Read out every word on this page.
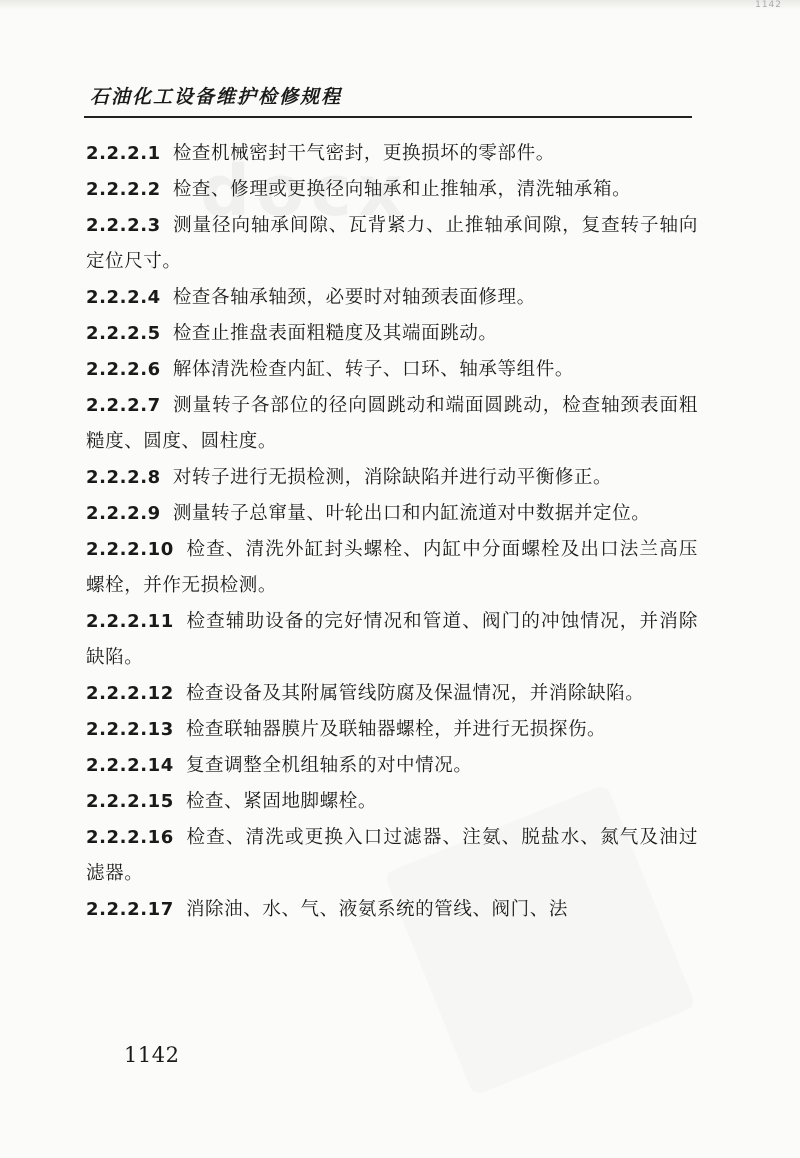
1142
石油化工设备维护检修规程

2.2.2.1 检查机械密封干气密封，更换损坏的零部件。

2.2.2.2 检查、修理或更换径向轴承和止推轴承，清洗轴承箱。

2.2.2.3 测量径向轴承间隙、瓦背紧力、止推轴承间隙，复查转子轴向定位尺寸。

2.2.2.4 检查各轴承轴颈，必要时对轴颈表面修理。

2.2.2.5 检查止推盘表面粗糙度及其端面跳动。

2.2.2.6 解体清洗检查内缸、转子、口环、轴承等组件。

2.2.2.7 测量转子各部位的径向圆跳动和端面圆跳动，检查轴颈表面粗糙度、圆度、圆柱度。

2.2.2.8 对转子进行无损检测，消除缺陷并进行动平衡修正。

2.2.2.9 测量转子总窜量、叶轮出口和内缸流道对中数据并定位。

2.2.2.10 检查、清洗外缸封头螺栓、内缸中分面螺栓及出口法兰高压螺栓，并作无损检测。

2.2.2.11 检查辅助设备的完好情况和管道、阀门的冲蚀情况，并消除缺陷。

2.2.2.12 检查设备及其附属管线防腐及保温情况，并消除缺陷。

2.2.2.13 检查联轴器膜片及联轴器螺栓，并进行无损探伤。

2.2.2.14 复查调整全机组轴系的对中情况。

2.2.2.15 检查、紧固地脚螺栓。

2.2.2.16 检查、清洗或更换入口过滤器、注氨、脱盐水、氮气及油过滤器。

2.2.2.17 消除油、水、气、液氨系统的管线、阀门、法

1142
